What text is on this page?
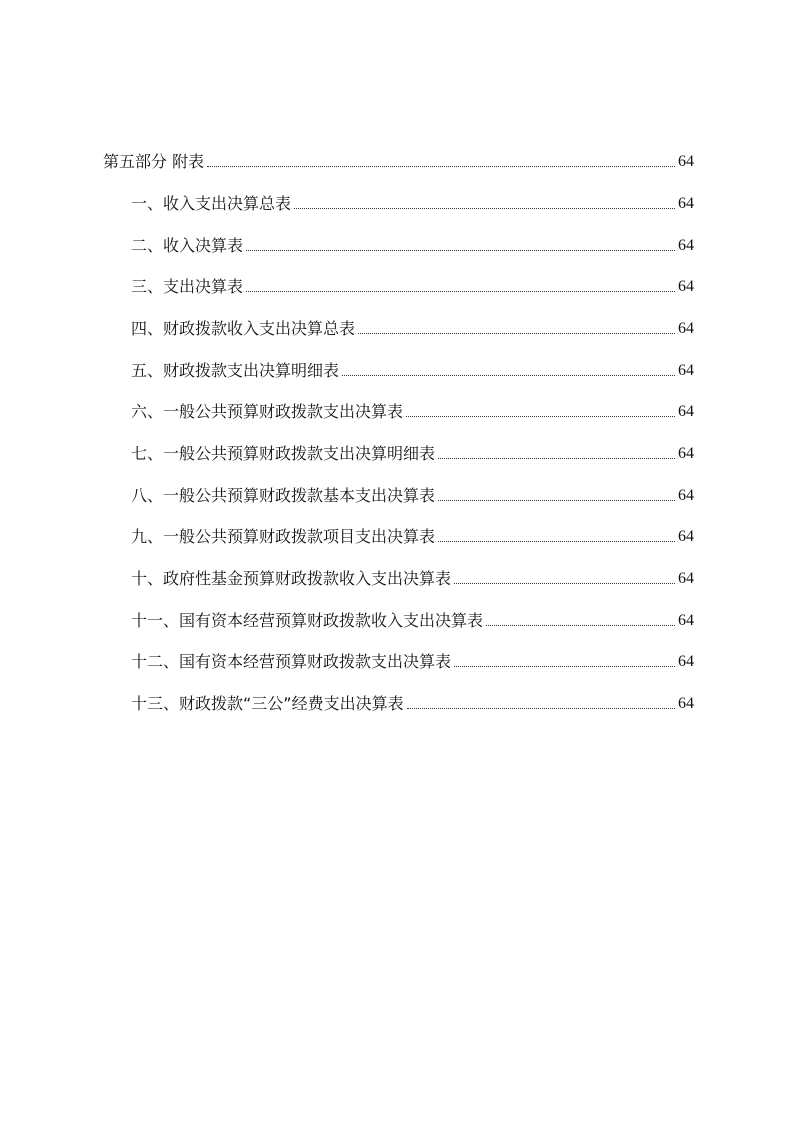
第五部分 附表	64
一、收入支出决算总表	64
二、收入决算表	64
三、支出决算表	64
四、财政拨款收入支出决算总表	64
五、财政拨款支出决算明细表	64
六、一般公共预算财政拨款支出决算表	64
七、一般公共预算财政拨款支出决算明细表	64
八、一般公共预算财政拨款基本支出决算表	64
九、一般公共预算财政拨款项目支出决算表	64
十、政府性基金预算财政拨款收入支出决算表	64
十一、国有资本经营预算财政拨款收入支出决算表	64
十二、国有资本经营预算财政拨款支出决算表	64
十三、财政拨款“三公”经费支出决算表	64
